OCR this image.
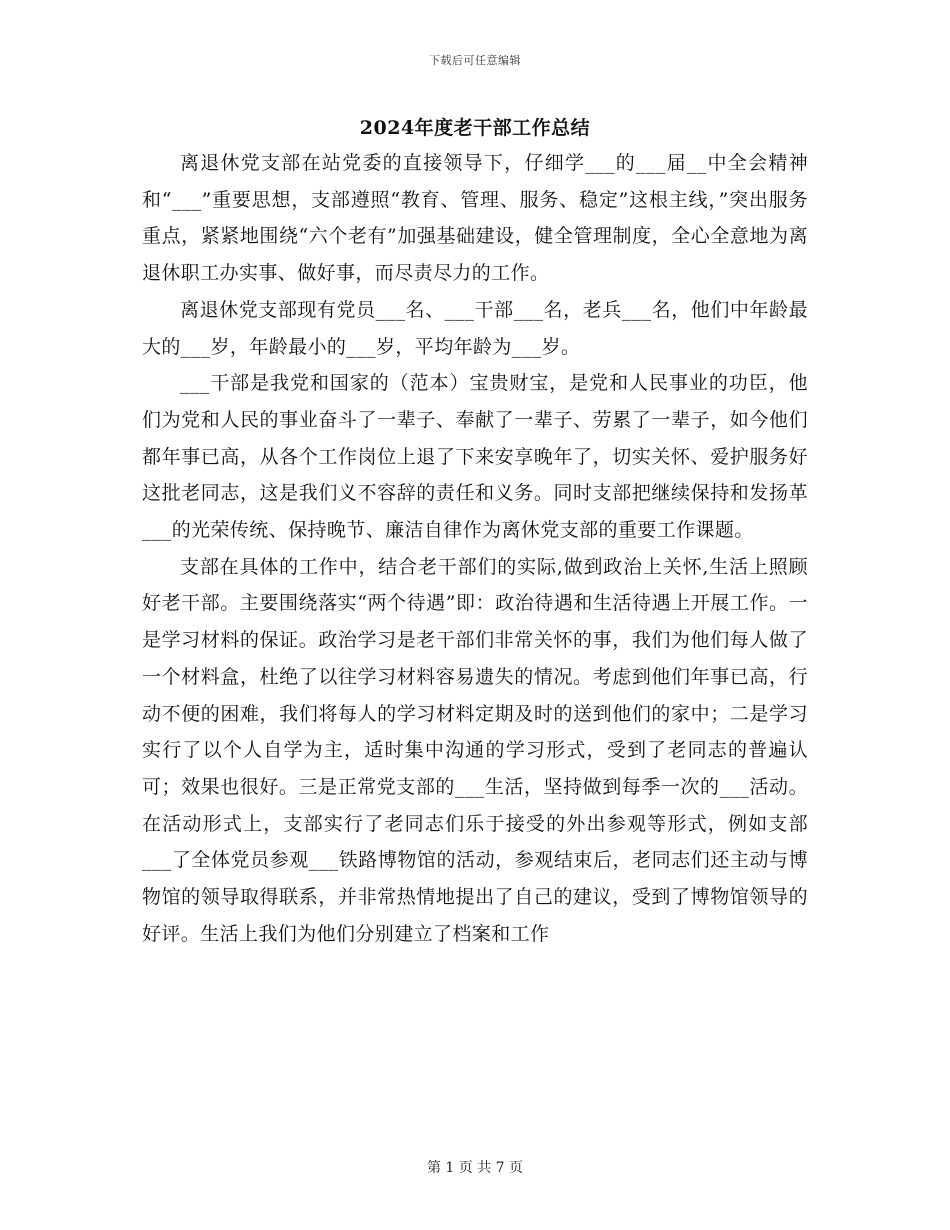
下载后可任意编辑
2024年度老干部工作总结

离退休党支部在站党委的直接领导下，仔细学___的___届__中全会精神和“___”重要思想，支部遵照“教育、管理、服务、稳定”这根主线，”突出服务重点，紧紧地围绕“六个老有”加强基础建设，健全管理制度，全心全意地为离退休职工办实事、做好事，而尽责尽力的工作。

离退休党支部现有党员___名、___干部___名，老兵___名，他们中年龄最大的___岁，年龄最小的___岁，平均年龄为___岁。

___干部是我党和国家的（范本）宝贵财宝，是党和人民事业的功臣，他们为党和人民的事业奋斗了一辈子、奉献了一辈子、劳累了一辈子，如今他们都年事已高，从各个工作岗位上退了下来安享晚年了，切实关怀、爱护服务好这批老同志，这是我们义不容辞的责任和义务。同时支部把继续保持和发扬革___的光荣传统、保持晚节、廉洁自律作为离休党支部的重要工作课题。

支部在具体的工作中，结合老干部们的实际,做到政治上关怀,生活上照顾好老干部。主要围绕落实“两个待遇”即：政治待遇和生活待遇上开展工作。一是学习材料的保证。政治学习是老干部们非常关怀的事，我们为他们每人做了一个材料盒，杜绝了以往学习材料容易遗失的情况。考虑到他们年事已高，行动不便的困难，我们将每人的学习材料定期及时的送到他们的家中；二是学习实行了以个人自学为主，适时集中沟通的学习形式，受到了老同志的普遍认可；效果也很好。三是正常党支部的___生活，坚持做到每季一次的___活动。在活动形式上，支部实行了老同志们乐于接受的外出参观等形式，例如支部___了全体党员参观___铁路博物馆的活动，参观结束后，老同志们还主动与博物馆的领导取得联系，并非常热情地提出了自己的建议，受到了博物馆领导的好评。生活上我们为他们分别建立了档案和工作

第 1 页 共 7 页
